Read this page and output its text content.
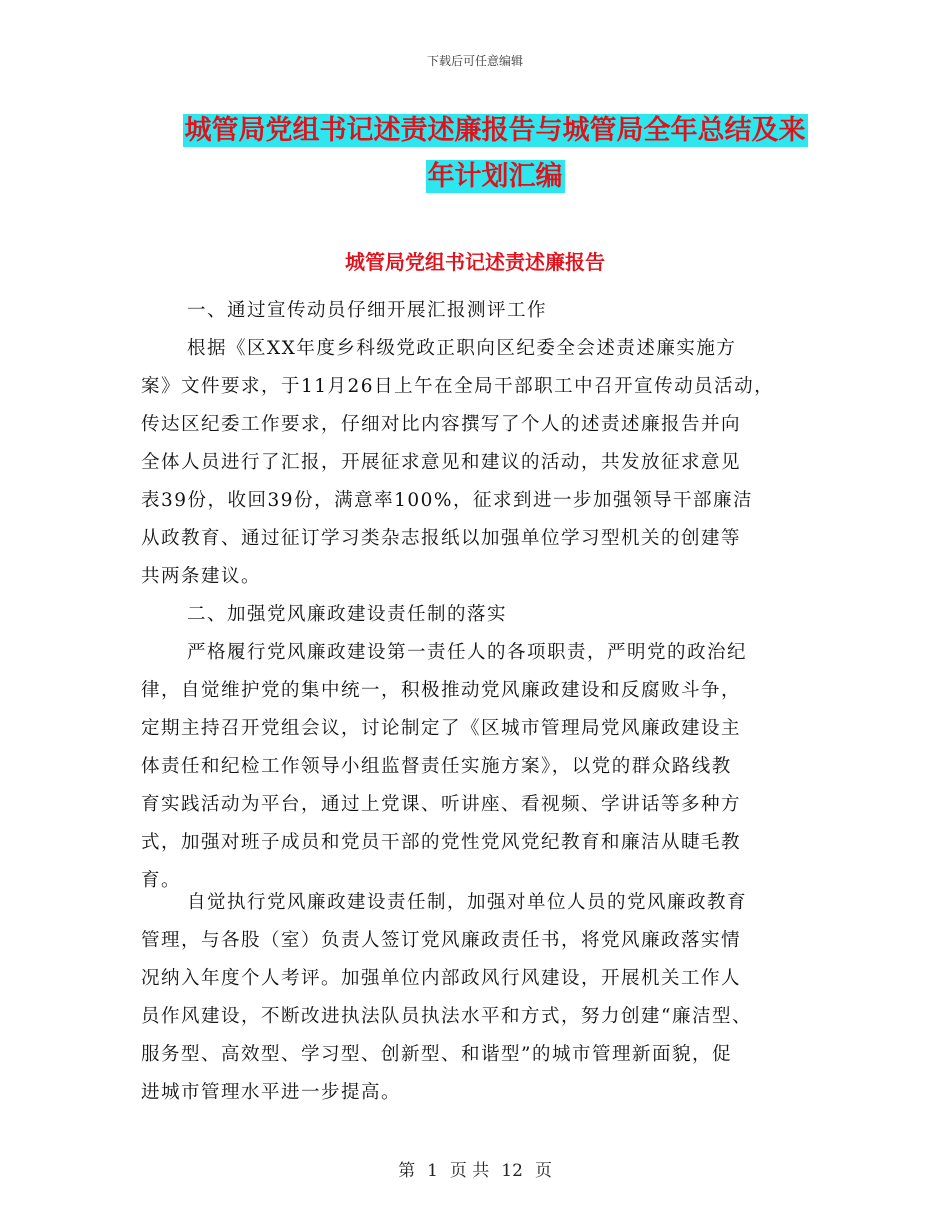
下载后可任意编辑
城管局党组书记述责述廉报告与城管局全年总结及来
年计划汇编
城管局党组书记述责述廉报告
一、通过宣传动员仔细开展汇报测评工作
根据《区XX年度乡科级党政正职向区纪委全会述责述廉实施方
案》文件要求，于11月26日上午在全局干部职工中召开宣传动员活动，
传达区纪委工作要求，仔细对比内容撰写了个人的述责述廉报告并向
全体人员进行了汇报，开展征求意见和建议的活动，共发放征求意见
表39份，收回39份，满意率100%，征求到进一步加强领导干部廉洁
从政教育、通过征订学习类杂志报纸以加强单位学习型机关的创建等
共两条建议。
二、加强党风廉政建设责任制的落实
严格履行党风廉政建设第一责任人的各项职责，严明党的政治纪
律，自觉维护党的集中统一，积极推动党风廉政建设和反腐败斗争，
定期主持召开党组会议，讨论制定了《区城市管理局党风廉政建设主
体责任和纪检工作领导小组监督责任实施方案》，以党的群众路线教
育实践活动为平台，通过上党课、听讲座、看视频、学讲话等多种方
式，加强对班子成员和党员干部的党性党风党纪教育和廉洁从睫毛教
育。
自觉执行党风廉政建设责任制，加强对单位人员的党风廉政教育
管理，与各股（室）负责人签订党风廉政责任书，将党风廉政落实情
况纳入年度个人考评。加强单位内部政风行风建设，开展机关工作人
员作风建设，不断改进执法队员执法水平和方式，努力创建“廉洁型、
服务型、高效型、学习型、创新型、和谐型”的城市管理新面貌，促
进城市管理水平进一步提高。
第 1 页 共 12 页
